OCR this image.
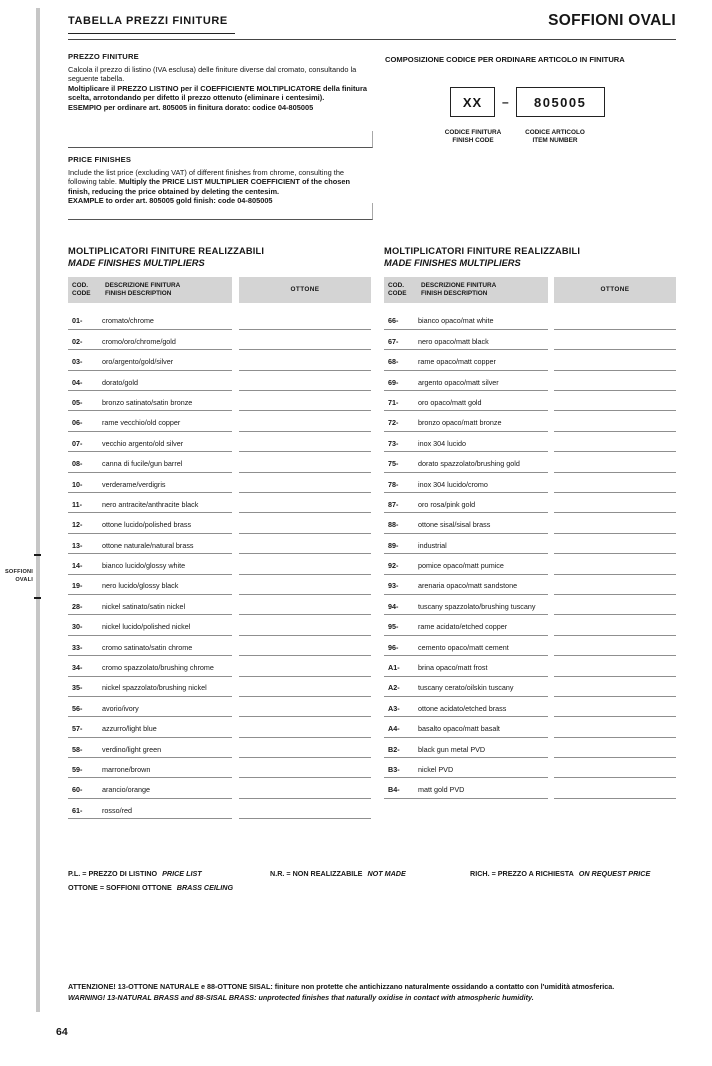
SOFFIONI
OVALI
TABELLA PREZZI FINITURE	SOFFIONI OVALI
PREZZO FINITURE

Calcola il prezzo di listino (IVA esclusa) delle finiture diverse dal cromato, consultando la seguente tabella.
Moltiplicare il PREZZO LISTINO per il COEFFICIENTE MOLTIPLICATORE della finitura scelta, arrotondando per difetto il prezzo ottenuto (eliminare i centesimi).
ESEMPIO per ordinare art. 805005 in finitura dorato: codice 04-805005

PRICE FINISHES

Include the list price (excluding VAT) of different finishes from chrome, consulting the following table. Multiply the PRICE LIST MULTIPLIER COEFFICIENT of the chosen finish, reducing the price obtained by deleting the centesim.
EXAMPLE to order art. 805005 gold finish: code 04-805005

COMPOSIZIONE CODICE PER ORDINARE ARTICOLO IN FINITURA
XX	–	805005
CODICE FINITURA
FINISH CODE
CODICE ARTICOLO
ITEM NUMBER
MOLTIPLICATORI FINITURE REALIZZABILI
MADE FINISHES MULTIPLIERS
COD.
CODE
DESCRIZIONE FINITURA
FINISH DESCRIPTION	OTTONE
01-	cromato/chrome
02-	cromo/oro/chrome/gold
03-	oro/argento/gold/silver
04-	dorato/gold
05-	bronzo satinato/satin bronze
06-	rame vecchio/old copper
07-	vecchio argento/old silver
08-	canna di fucile/gun barrel
10-	verderame/verdigris
11-	nero antracite/anthracite black
12-	ottone lucido/polished brass
13-	ottone naturale/natural brass
14-	bianco lucido/glossy white
19-	nero lucido/glossy black
28-	nickel satinato/satin nickel
30-	nickel lucido/polished nickel
33-	cromo satinato/satin chrome
34-	cromo spazzolato/brushing chrome
35-	nickel spazzolato/brushing nickel
56-	avorio/ivory
57-	azzurro/light blue
58-	verdino/light green
59-	marrone/brown
60-	arancio/orange
61-	rosso/red
MOLTIPLICATORI FINITURE REALIZZABILI
MADE FINISHES MULTIPLIERS
COD.
CODE
DESCRIZIONE FINITURA
FINISH DESCRIPTION	OTTONE
66-	bianco opaco/mat white
67-	nero opaco/matt black
68-	rame opaco/matt copper
69-	argento opaco/matt silver
71-	oro opaco/matt gold
72-	bronzo opaco/matt bronze
73-	inox 304 lucido
75-	dorato spazzolato/brushing gold
78-	inox 304 lucido/cromo
87-	oro rosa/pink gold
88-	ottone sisal/sisal brass
89-	industrial
92-	pomice opaco/matt pumice
93-	arenaria opaco/matt sandstone
94-	tuscany spazzolato/brushing tuscany
95-	rame acidato/etched copper
96-	cemento opaco/matt cement
A1-	brina opaco/matt frost
A2-	tuscany cerato/oilskin tuscany
A3-	ottone acidato/etched brass
A4-	basalto opaco/matt basalt
B2-	black gun metal PVD
B3-	nickel PVD
B4-	matt gold PVD
P.L. = PREZZO DI LISTINO PRICE LIST	N.R. = NON REALIZZABILE NOT MADE	RICH. = PREZZO A RICHIESTA ON REQUEST PRICE
OTTONE = SOFFIONI OTTONE BRASS CEILING
ATTENZIONE! 13-OTTONE NATURALE e 88-OTTONE SISAL: finiture non protette che antichizzano naturalmente ossidando a contatto con l'umidità atmosferica.
WARNING! 13-NATURAL BRASS and 88-SISAL BRASS: unprotected finishes that naturally oxidise in contact with atmospheric humidity.
64
